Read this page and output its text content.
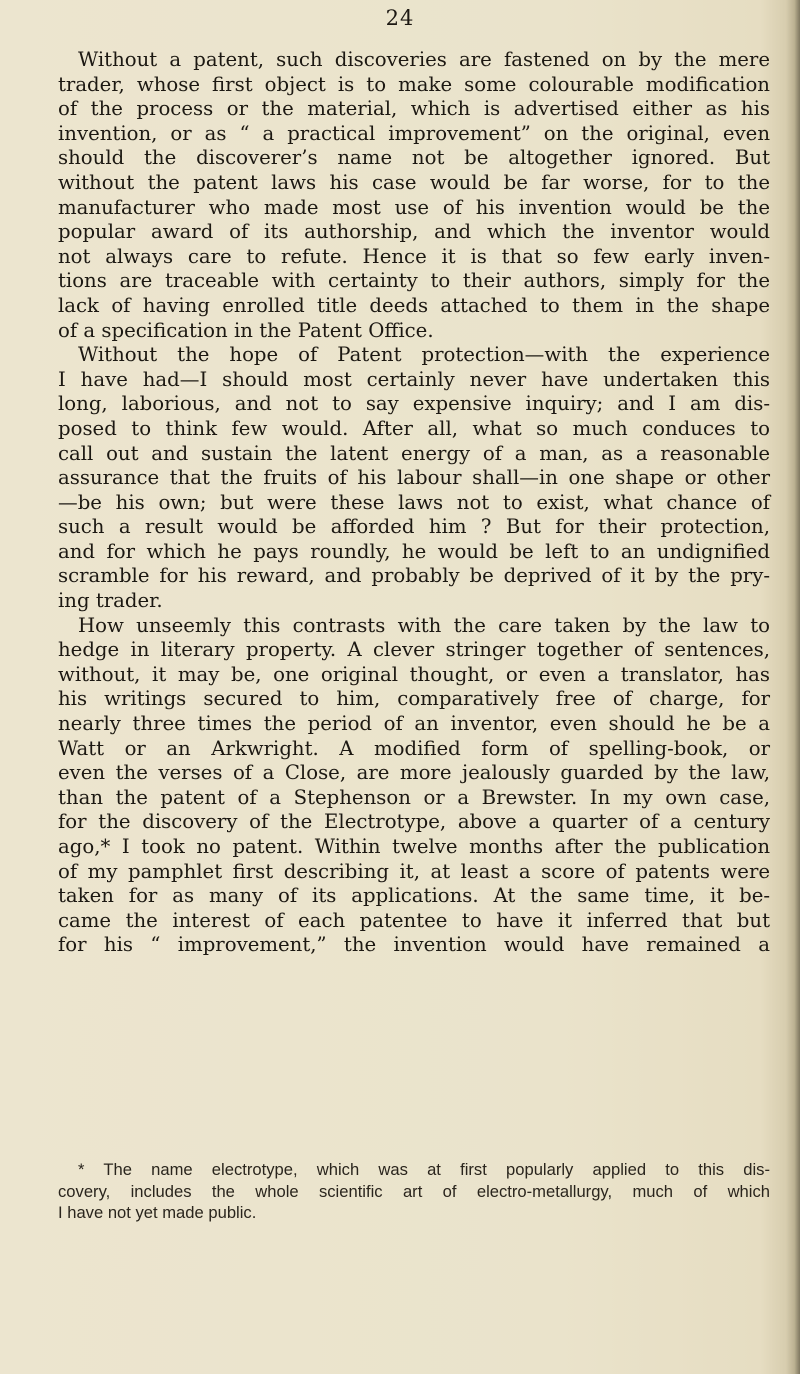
24
Without a patent, such discoveries are fastened on by the mere
trader, whose first object is to make some colourable modification
of the process or the material, which is advertised either as his
invention, or as “ a practical improvement” on the original, even
should the discoverer’s name not be altogether ignored. But
without the patent laws his case would be far worse, for to the
manufacturer who made most use of his invention would be the
popular award of its authorship, and which the inventor would
not always care to refute. Hence it is that so few early inven-
tions are traceable with certainty to their authors, simply for the
lack of having enrolled title deeds attached to them in the shape
of a specification in the Patent Office.
Without the hope of Patent protection—with the experience
I have had—I should most certainly never have undertaken this
long, laborious, and not to say expensive inquiry; and I am dis-
posed to think few would. After all, what so much conduces to
call out and sustain the latent energy of a man, as a reasonable
assurance that the fruits of his labour shall—in one shape or other
—be his own; but were these laws not to exist, what chance of
such a result would be afforded him ? But for their protection,
and for which he pays roundly, he would be left to an undignified
scramble for his reward, and probably be deprived of it by the pry-
ing trader.
How unseemly this contrasts with the care taken by the law to
hedge in literary property. A clever stringer together of sentences,
without, it may be, one original thought, or even a translator, has
his writings secured to him, comparatively free of charge, for
nearly three times the period of an inventor, even should he be a
Watt or an Arkwright. A modified form of spelling-book, or
even the verses of a Close, are more jealously guarded by the law,
than the patent of a Stephenson or a Brewster. In my own case,
for the discovery of the Electrotype, above a quarter of a century
ago,* I took no patent. Within twelve months after the publication
of my pamphlet first describing it, at least a score of patents were
taken for as many of its applications. At the same time, it be-
came the interest of each patentee to have it inferred that but
for his “ improvement,” the invention would have remained a
* The name electrotype, which was at first popularly applied to this dis-
covery, includes the whole scientific art of electro-metallurgy, much of which
I have not yet made public.
